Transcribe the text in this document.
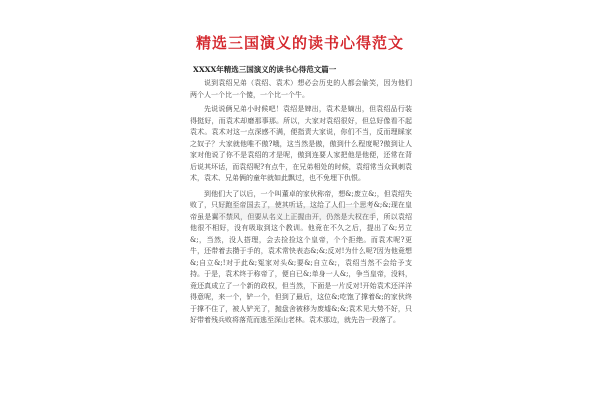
精选三国演义的读书心得范文
XXXX年精选三国演义的读书心得范文篇一

说到袁绍兄弟（袁绍、袁术）想必会历史的人都会偷笑，因为他们两个人一个比一个傻，一个比一个牛。

先说说俩兄弟小时候吧！袁绍是婢出，袁术是嫡出，但袁绍品行装得挺好，而袁术却磨那事那。所以，大家对袁绍很好，但总好像看不起袁术。袁术对这一点深感不满，便指责大家说，你们不当，反而理睬家之奴子？大家就他唯不傲?哦，这当然是傲，傲到什么程度呢?傲到让人家对他说了你不是袁绍的才是呢，傲到连要人家把他是他便，还常在背后说其坏话，而袁绍呢?有点牛，在兄弟相处的时候，袁绍常当众讽刺袁术，袁术、兄弟俩的童年就如此飘过，也不免埋下仇恨。

到他们大了以后，一个叫董卓的家伙称帝，想&;废立&;，但袁绍失败了，只好跑至帝国去了，使其听话，这给了人们一个思考&;&;现在皇帝虽是翼不禁风，但要从名义上正握由开，仍然是大权在手，所以袁绍他很不相好，没有吸取到这个教训。他竟在不久之后，提出了&;另立&;，当然，没人搭理，会去捡捡这个皇帝，个个拒绝。而袁术呢?更牛，还带着去攒于手的，袁术常快表态&;&;反对!为什么呢?因为他竟想&;自立&;!对于此&;冤家对头&;要&;自立&;，袁绍当然不会给予支持。于是，袁术终于称帝了，便自已&;单身一人&;，争当皇帝，没料，竟还真成立了一个新的政权，但当然，下面是一片反对!开始袁术还洋洋得意呢，来一个，铲一个，但到了最后，这位&;吃饱了撑着&;的家伙终于撑不住了，被人铲光了，抛盘舍被移为废墟&;&;袁术见大势不好，只好带着残兵败将落荒而逃至深山老林。袁术那边，就先告一段落了。
